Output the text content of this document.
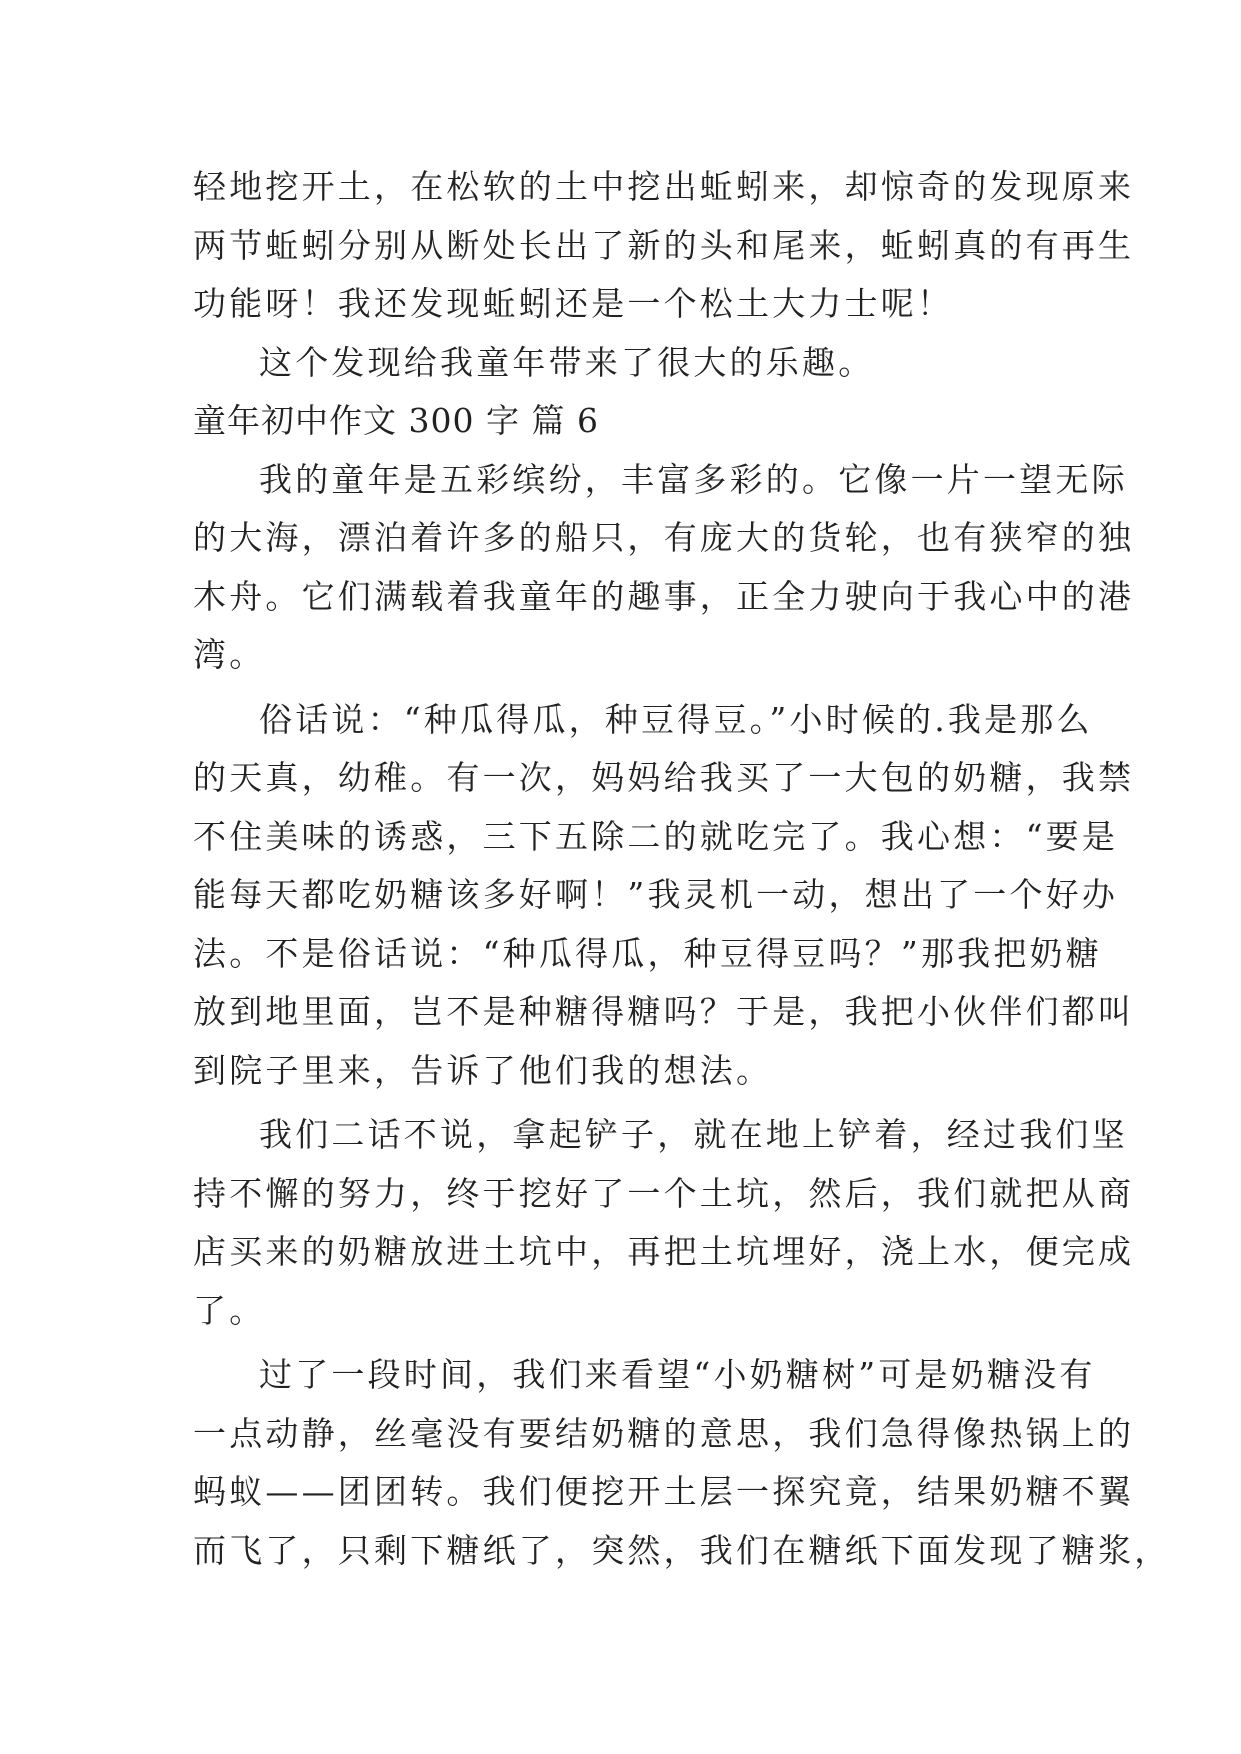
轻地挖开土，在松软的土中挖出蚯蚓来，却惊奇的发现原来
两节蚯蚓分别从断处长出了新的头和尾来，蚯蚓真的有再生
功能呀！我还发现蚯蚓还是一个松土大力士呢！
这个发现给我童年带来了很大的乐趣。
童年初中作文 300 字 篇 6
我的童年是五彩缤纷，丰富多彩的。它像一片一望无际
的大海，漂泊着许多的船只，有庞大的货轮，也有狭窄的独
木舟。它们满载着我童年的趣事，正全力驶向于我心中的港
湾。
俗话说：“种瓜得瓜，种豆得豆。”小时候的.我是那么
的天真，幼稚。有一次，妈妈给我买了一大包的奶糖，我禁
不住美味的诱惑，三下五除二的就吃完了。我心想：“要是
能每天都吃奶糖该多好啊！”我灵机一动，想出了一个好办
法。不是俗话说：“种瓜得瓜，种豆得豆吗？”那我把奶糖
放到地里面，岂不是种糖得糖吗？于是，我把小伙伴们都叫
到院子里来，告诉了他们我的想法。
我们二话不说，拿起铲子，就在地上铲着，经过我们坚
持不懈的努力，终于挖好了一个土坑，然后，我们就把从商
店买来的奶糖放进土坑中，再把土坑埋好，浇上水，便完成
了。
过了一段时间，我们来看望“小奶糖树”可是奶糖没有
一点动静，丝毫没有要结奶糖的意思，我们急得像热锅上的
蚂蚁——团团转。我们便挖开土层一探究竟，结果奶糖不翼
而飞了，只剩下糖纸了，突然，我们在糖纸下面发现了糖浆，
